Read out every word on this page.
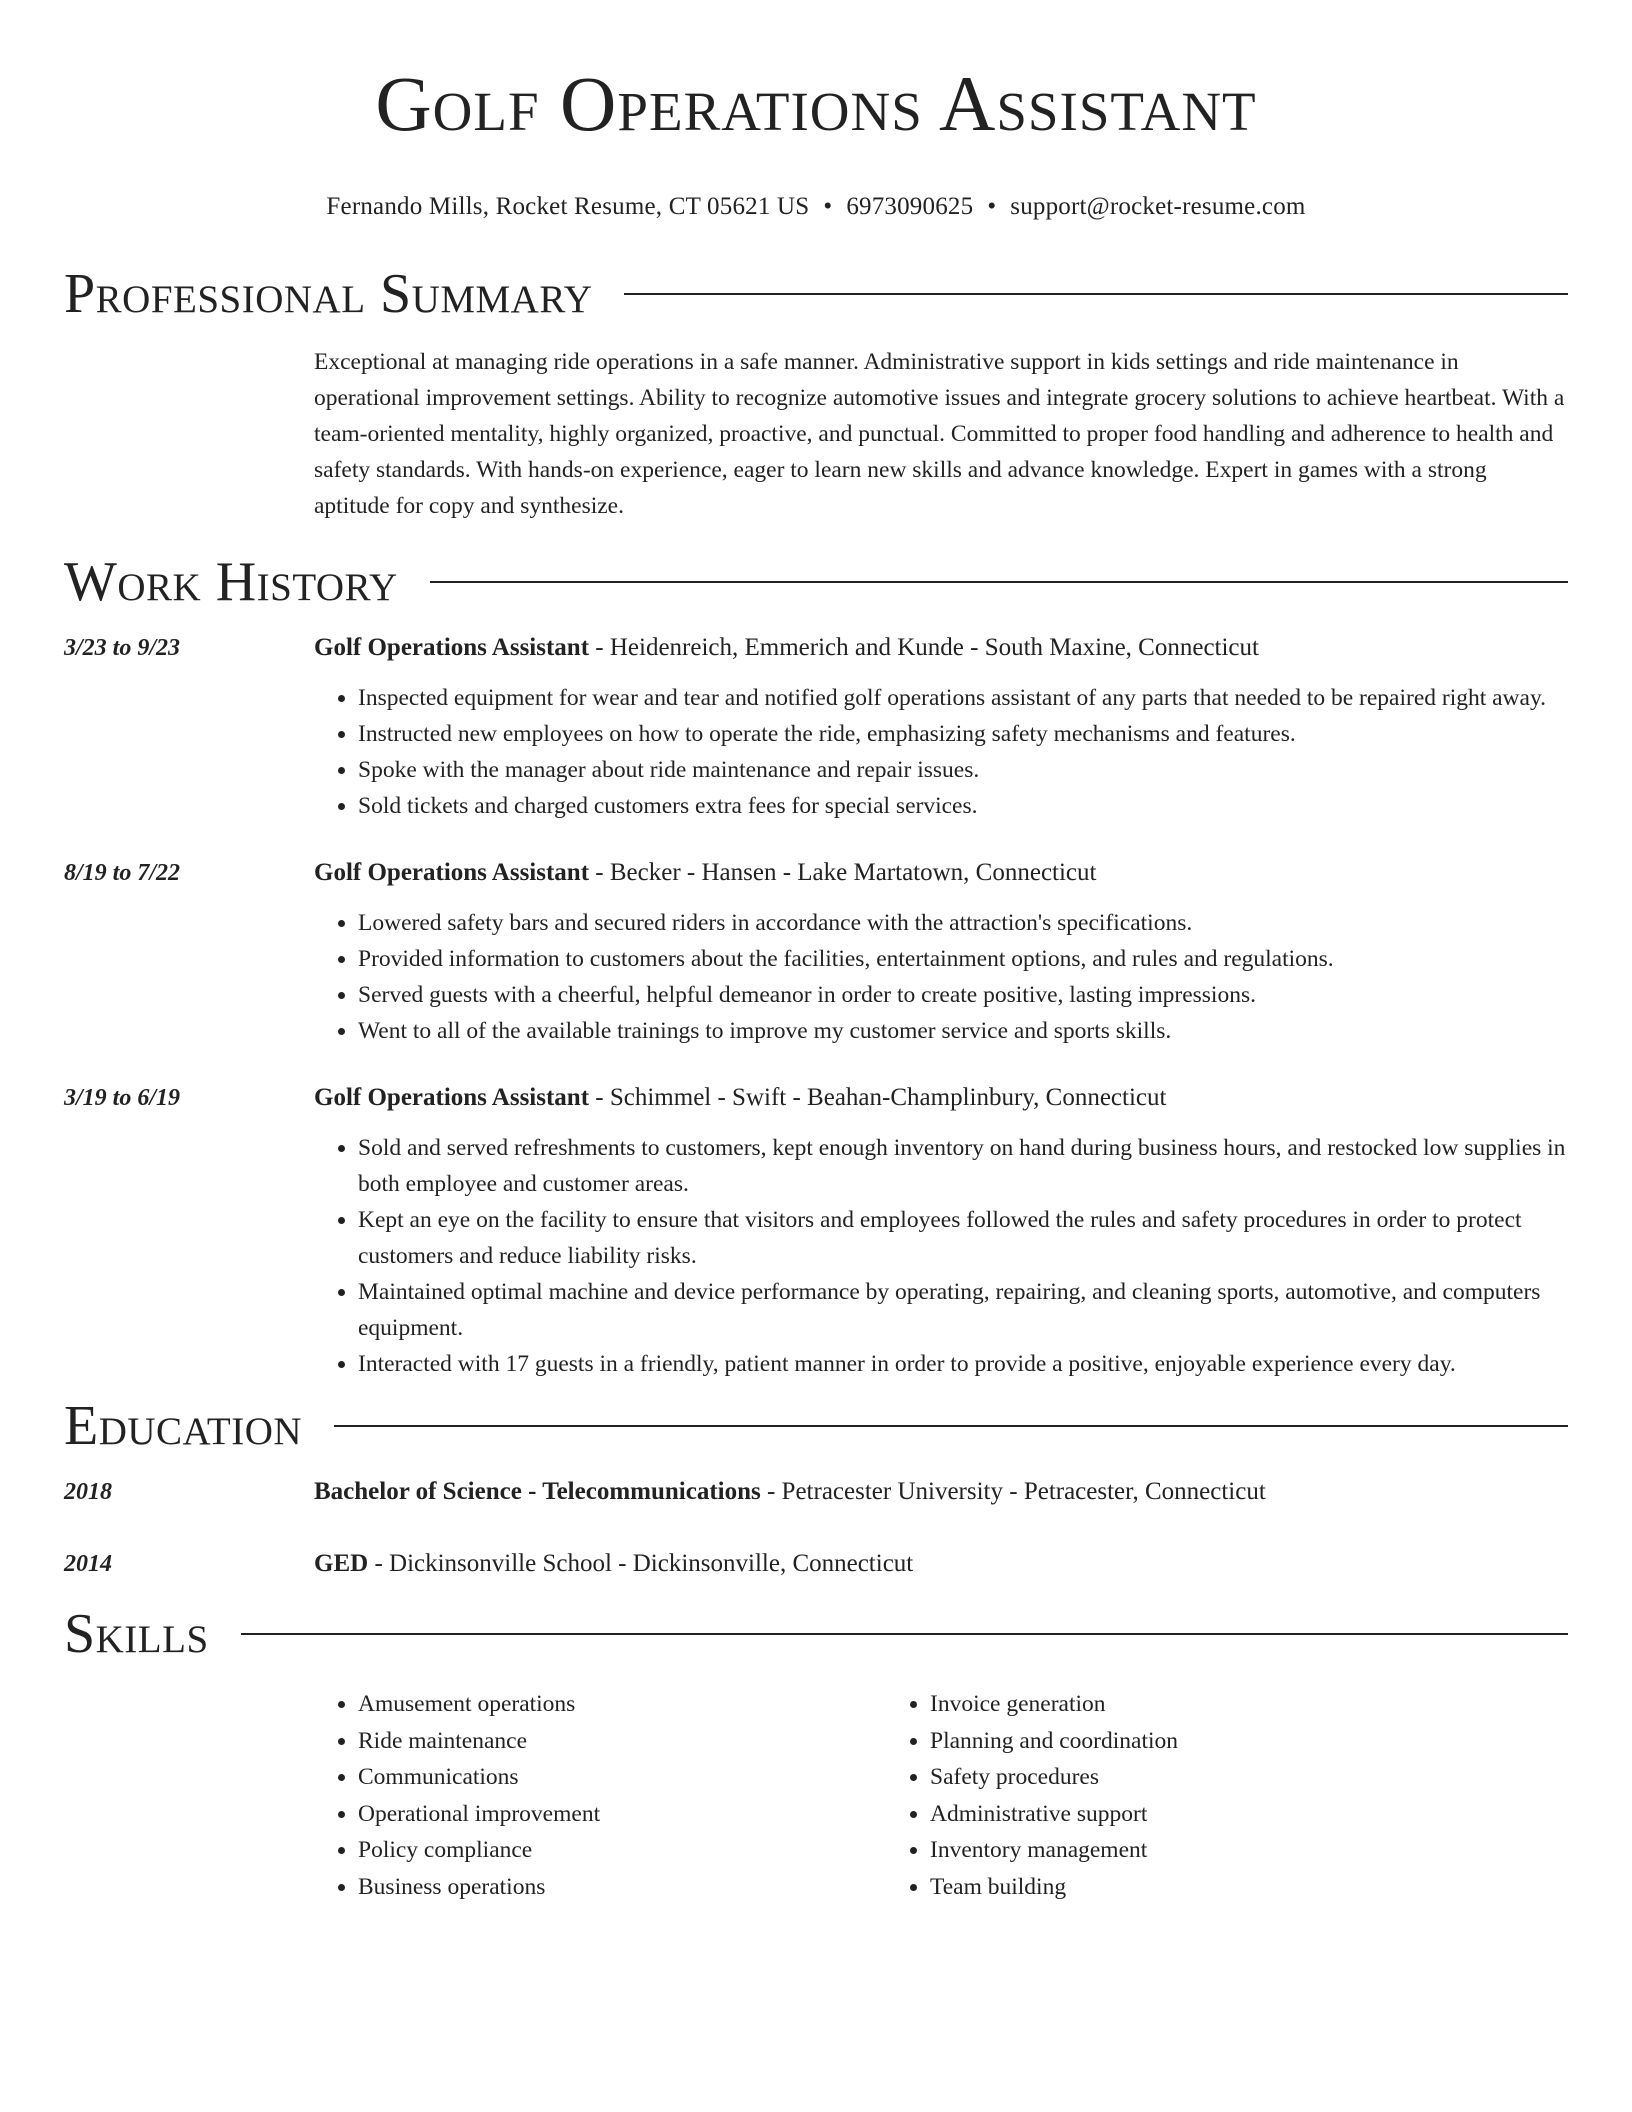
Golf Operations Assistant
Fernando Mills, Rocket Resume, CT 05621 US • 6973090625 • support@rocket-resume.com
Professional Summary
Exceptional at managing ride operations in a safe manner. Administrative support in kids settings and ride maintenance in operational improvement settings. Ability to recognize automotive issues and integrate grocery solutions to achieve heartbeat. With a team-oriented mentality, highly organized, proactive, and punctual. Committed to proper food handling and adherence to health and safety standards. With hands-on experience, eager to learn new skills and advance knowledge. Expert in games with a strong aptitude for copy and synthesize.
Work History
3/23 to 9/23	Golf Operations Assistant - Heidenreich, Emmerich and Kunde - South Maxine, Connecticut
• Inspected equipment for wear and tear and notified golf operations assistant of any parts that needed to be repaired right away.
• Instructed new employees on how to operate the ride, emphasizing safety mechanisms and features.
• Spoke with the manager about ride maintenance and repair issues.
• Sold tickets and charged customers extra fees for special services.
8/19 to 7/22	Golf Operations Assistant - Becker - Hansen - Lake Martatown, Connecticut
• Lowered safety bars and secured riders in accordance with the attraction's specifications.
• Provided information to customers about the facilities, entertainment options, and rules and regulations.
• Served guests with a cheerful, helpful demeanor in order to create positive, lasting impressions.
• Went to all of the available trainings to improve my customer service and sports skills.
3/19 to 6/19	Golf Operations Assistant - Schimmel - Swift - Beahan-Champlinbury, Connecticut
• Sold and served refreshments to customers, kept enough inventory on hand during business hours, and restocked low supplies in both employee and customer areas.
• Kept an eye on the facility to ensure that visitors and employees followed the rules and safety procedures in order to protect customers and reduce liability risks.
• Maintained optimal machine and device performance by operating, repairing, and cleaning sports, automotive, and computers equipment.
• Interacted with 17 guests in a friendly, patient manner in order to provide a positive, enjoyable experience every day.
Education
2018	Bachelor of Science - Telecommunications - Petracester University - Petracester, Connecticut
2014	GED - Dickinsonville School - Dickinsonville, Connecticut
Skills
• Amusement operations
• Ride maintenance
• Communications
• Operational improvement
• Policy compliance
• Business operations
• Invoice generation
• Planning and coordination
• Safety procedures
• Administrative support
• Inventory management
• Team building
